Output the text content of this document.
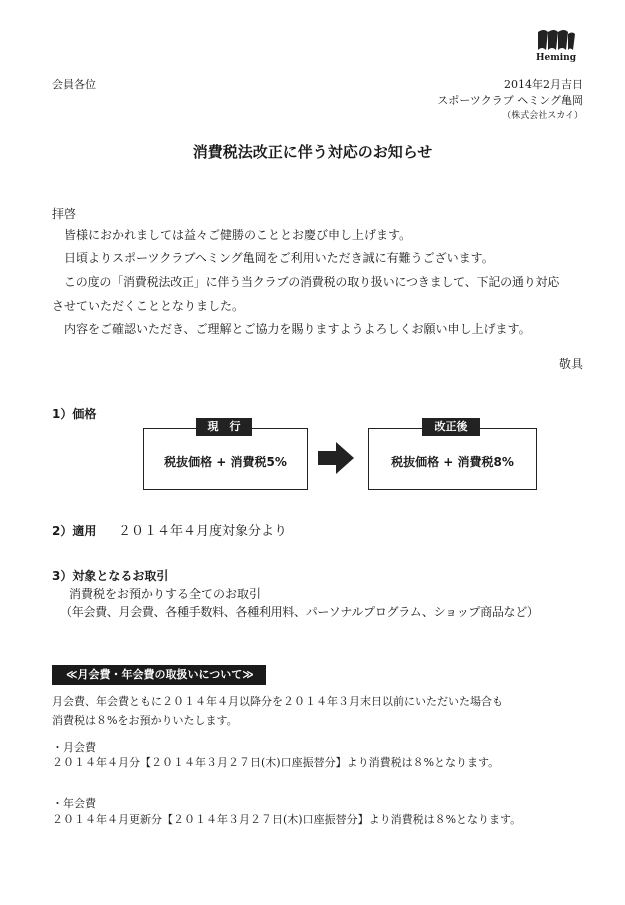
Heming
会員各位	2014年2月吉日
スポーツクラブ ヘミング亀岡
（株式会社スカイ）
消費税法改正に伴う対応のお知らせ
拝啓
皆様におかれましては益々ご健勝のこととお慶び申し上げます。
日頃よりスポーツクラブヘミング亀岡をご利用いただき誠に有難うございます。
この度の「消費税法改正」に伴う当クラブの消費税の取り扱いにつきまして、下記の通り対応
させていただくこととなりました。
内容をご確認いただき、ご理解とご協力を賜りますようよろしくお願い申し上げます。
敬具
1）価格
税抜価格 + 消費税5%
現　行
税抜価格 + 消費税8%
改正後
2）適用 ２０１４年４月度対象分より
3）対象となるお取引
消費税をお預かりする全てのお取引
（年会費、月会費、各種手数料、各種利用料、パーソナルプログラム、ショップ商品など）
≪月会費・年会費の取扱いについて≫
月会費、年会費ともに２０１４年４月以降分を２０１４年３月末日以前にいただいた場合も
消費税は８%をお預かりいたします。
・月会費
２０１４年４月分【２０１４年３月２７日(木)口座振替分】より消費税は８%となります。
・年会費
２０１４年４月更新分【２０１４年３月２７日(木)口座振替分】より消費税は８%となります。
